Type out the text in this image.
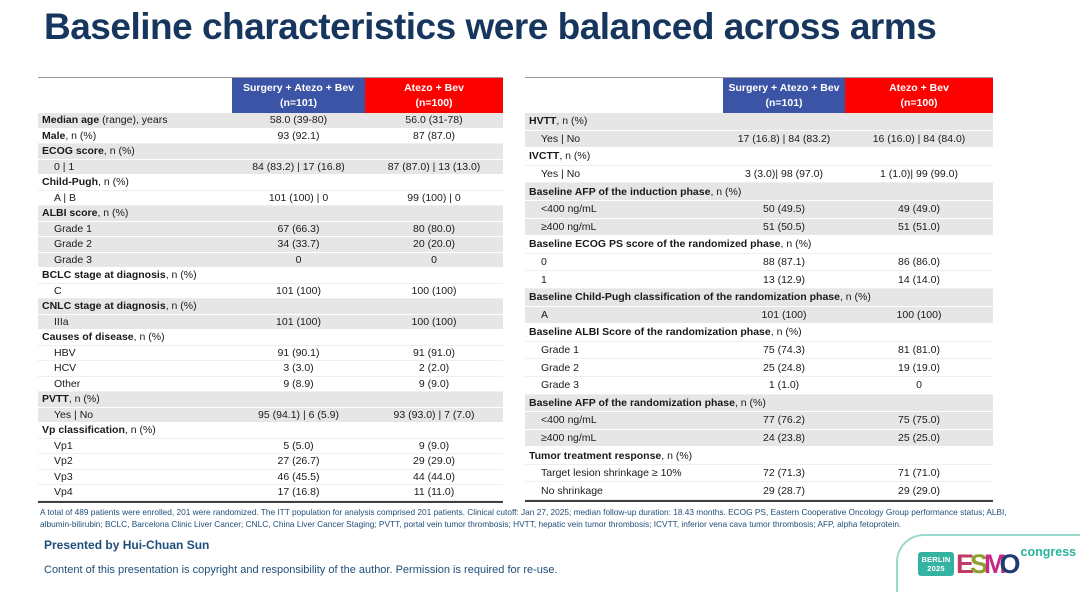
Baseline characteristics were balanced across arms
Surgery + Atezo + Bev
(n=101)
Atezo + Bev
(n=100)
Median age (range), years	58.0 (39-80)	56.0 (31-78)
Male, n (%)	93 (92.1)	87 (87.0)
ECOG score, n (%)
0 | 1	84 (83.2) | 17 (16.8)	87 (87.0) | 13 (13.0)
Child-Pugh, n (%)
A | B	101 (100) | 0	99 (100) | 0
ALBI score, n (%)
Grade 1	67 (66.3)	80 (80.0)
Grade 2	34 (33.7)	20 (20.0)
Grade 3	0	0
BCLC stage at diagnosis, n (%)
C	101 (100)	100 (100)
CNLC stage at diagnosis, n (%)
IIIa	101 (100)	100 (100)
Causes of disease, n (%)
HBV	91 (90.1)	91 (91.0)
HCV	3 (3.0)	2 (2.0)
Other	9 (8.9)	9 (9.0)
PVTT, n (%)
Yes | No	95 (94.1) | 6 (5.9)	93 (93.0) | 7 (7.0)
Vp classification, n (%)
Vp1	5 (5.0)	9 (9.0)
Vp2	27 (26.7)	29 (29.0)
Vp3	46 (45.5)	44 (44.0)
Vp4	17 (16.8)	11 (11.0)
Surgery + Atezo + Bev
(n=101)
Atezo + Bev
(n=100)
HVTT, n (%)
Yes | No	17 (16.8) | 84 (83.2)	16 (16.0) | 84 (84.0)
IVCTT, n (%)
Yes | No	3 (3.0)| 98 (97.0)	1 (1.0)| 99 (99.0)
Baseline AFP of the induction phase, n (%)
<400 ng/mL	50 (49.5)	49 (49.0)
≥400 ng/mL	51 (50.5)	51 (51.0)
Baseline ECOG PS score of the randomized phase, n (%)
0	88 (87.1)	86 (86.0)
1	13 (12.9)	14 (14.0)
Baseline Child-Pugh classification of the randomization phase, n (%)
A	101 (100)	100 (100)
Baseline ALBI Score of the randomization phase, n (%)
Grade 1	75 (74.3)	81 (81.0)
Grade 2	25 (24.8)	19 (19.0)
Grade 3	1 (1.0)	0
Baseline AFP of the randomization phase, n (%)
<400 ng/mL	77 (76.2)	75 (75.0)
≥400 ng/mL	24 (23.8)	25 (25.0)
Tumor treatment response, n (%)
Target lesion shrinkage ≥ 10%	72 (71.3)	71 (71.0)
No shrinkage	29 (28.7)	29 (29.0)
A total of 489 patients were enrolled, 201 were randomized. The ITT population for analysis comprised 201 patients. Clinical cutoff: Jan 27, 2025; median follow-up duration: 18.43 months. ECOG PS, Eastern Cooperative Oncology Group performance status; ALBI,
albumin-bilirubin; BCLC, Barcelona Clinic Liver Cancer; CNLC, China Liver Cancer Staging; PVTT, portal vein tumor thrombosis; HVTT, hepatic vein tumor thrombosis; ICVTT, inferior vena cava tumor thrombosis; AFP, alpha fetoprotein.
Presented by Hui-Chuan Sun
Content of this presentation is copyright and responsibility of the author. Permission is required for re-use.
BERLIN
2025 E S M
O congress
